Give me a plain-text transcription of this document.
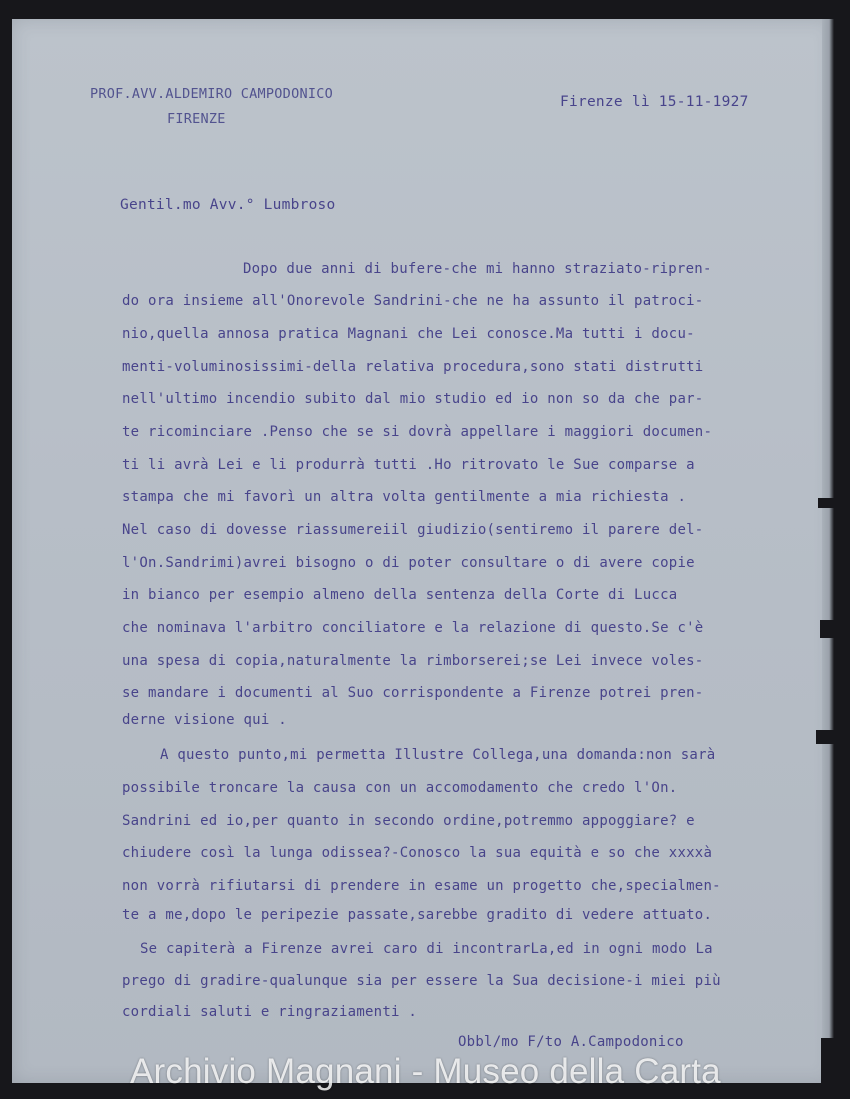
PROF.AVV.ALDEMIRO CAMPODONICO
FIRENZE
Firenze lì 15-11-1927
Gentil.mo Avv.° Lumbroso
Dopo due anni di bufere-che mi hanno straziato-ripren-
do ora insieme all'Onorevole Sandrini-che ne ha assunto il patroci-
nio,quella annosa pratica Magnani che Lei conosce.Ma tutti i docu-
menti-voluminosissimi-della relativa procedura,sono stati distrutti
nell'ultimo incendio subito dal mio studio ed io non so da che par-
te ricominciare .Penso che se si dovrà appellare i maggiori documen-
ti li avrà Lei e li produrrà tutti .Ho ritrovato le Sue comparse a
stampa che mi favorì un altra volta gentilmente a mia richiesta .
Nel caso di dovesse riassumereiil giudizio(sentiremo il parere del-
l'On.Sandrimi)avrei bisogno o di poter consultare o di avere copie
in bianco per esempio almeno della sentenza della Corte di Lucca
che nominava l'arbitro conciliatore e la relazione di questo.Se c'è
una spesa di copia,naturalmente la rimborserei;se Lei invece voles-
se mandare i documenti al Suo corrispondente a Firenze potrei pren-
derne visione qui .
A questo punto,mi permetta Illustre Collega,una domanda:non sarà
possibile troncare la causa con un accomodamento che credo l'On.
Sandrini ed io,per quanto in secondo ordine,potremmo appoggiare? e
chiudere così la lunga odissea?-Conosco la sua equità e so che xxxxà
non vorrà rifiutarsi di prendere in esame un progetto che,specialmen-
te a me,dopo le peripezie passate,sarebbe gradito di vedere attuato.
Se capiterà a Firenze avrei caro di incontrarLa,ed in ogni modo La
prego di gradire-qualunque sia per essere la Sua decisione-i miei più
cordiali saluti e ringraziamenti .
Obbl/mo F/to A.Campodonico
Archivio Magnani - Museo della Carta
